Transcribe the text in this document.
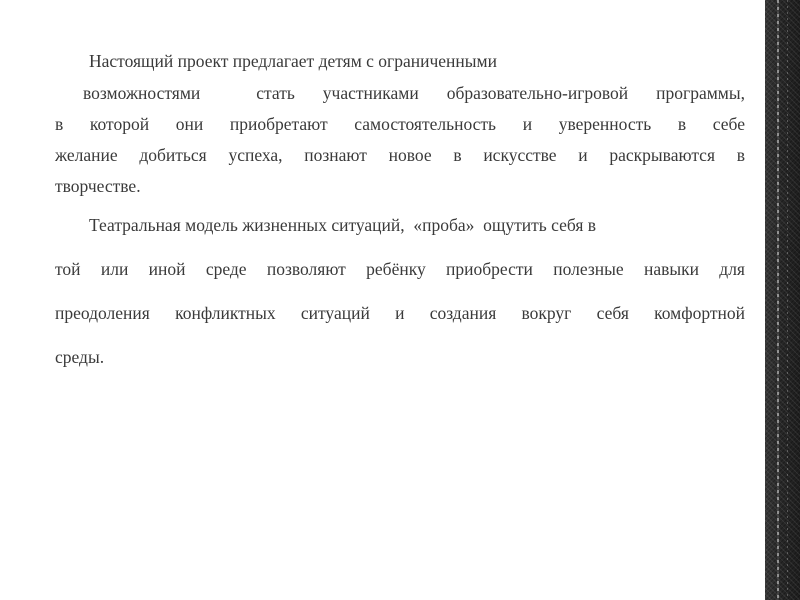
Настоящий проект предлагает детям с ограниченными
возможностями  стать участниками образовательно-игровой программы,
в которой они приобретают самостоятельность и уверенность в себе
желание добиться успеха, познают новое в искусстве и раскрываются в
творчестве.
Театральная модель жизненных ситуаций,  «проба»  ощутить себя в
той или иной среде позволяют ребёнку приобрести полезные навыки для
преодоления конфликтных ситуаций и создания вокруг себя комфортной
среды.
